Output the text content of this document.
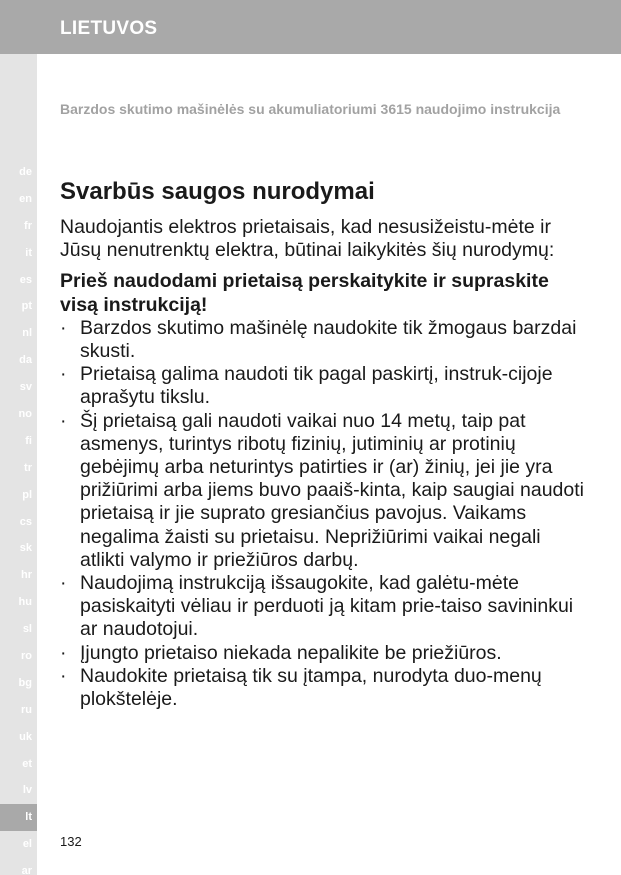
LIETUVOS
de
en
fr
it
es
pt
nl
da
sv
no
fi
tr
pl
cs
sk
hr
hu
sl
ro
bg
ru
uk
et
lv
lt
el
ar
Barzdos skutimo mašinėlės su akumuliatoriumi 3615 naudojimo instrukcija
Svarbūs saugos nurodymai

Naudojantis elektros prietaisais, kad nesusižeistu-mėte ir Jūsų nenutrenktų elektra, būtinai laikykitės šių nurodymų:

Prieš naudodami prietaisą perskaitykite ir supraskite visą instrukciją!

· Barzdos skutimo mašinėlę naudokite tik žmogaus barzdai skusti.
· Prietaisą galima naudoti tik pagal paskirtį, instruk-cijoje aprašytu tikslu.
· Šį prietaisą gali naudoti vaikai nuo 14 metų, taip pat asmenys, turintys ribotų fizinių, jutiminių ar protinių gebėjimų arba neturintys patirties ir (ar) žinių, jei jie yra prižiūrimi arba jiems buvo paaiš-kinta, kaip saugiai naudoti prietaisą ir jie suprato gresiančius pavojus. Vaikams negalima žaisti su prietaisu. Neprižiūrimi vaikai negali atlikti valymo ir priežiūros darbų.
· Naudojimą instrukciją išsaugokite, kad galėtu-mėte pasiskaityti vėliau ir perduoti ją kitam prie-taiso savininkui ar naudotojui.
· Įjungto prietaiso niekada nepalikite be priežiūros.
· Naudokite prietaisą tik su įtampa, nurodyta duo-menų plokštelėje.
132
